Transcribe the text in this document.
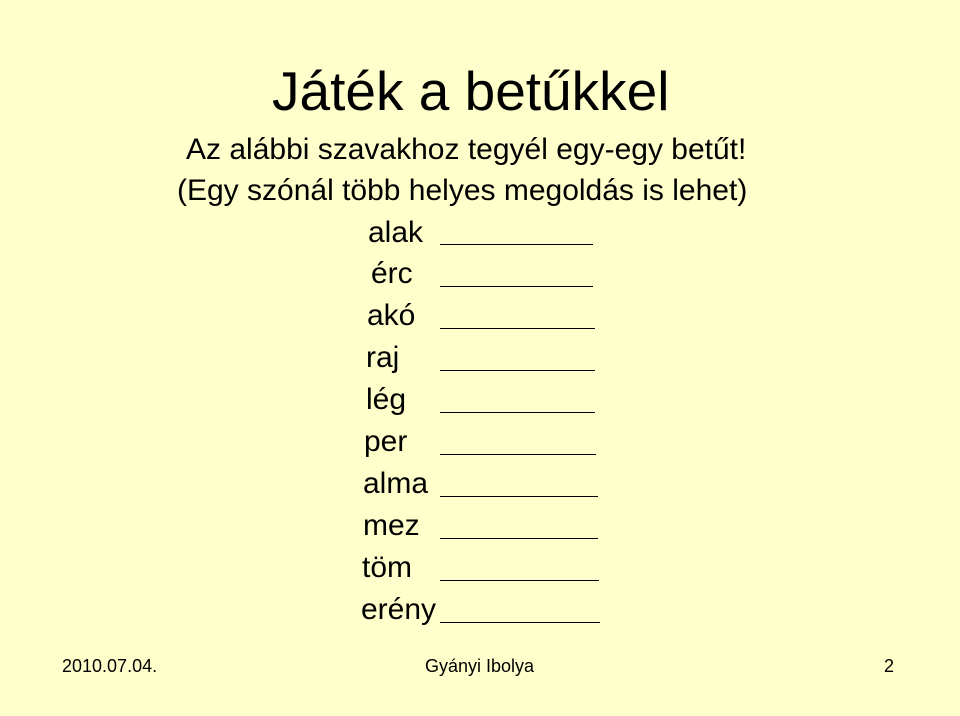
Játék a betűkkel
Az alábbi szavakhoz tegyél egy-egy betűt!
(Egy szónál több helyes megoldás is lehet)
alak
érc
akó
raj
lég
per
alma
mez
töm
erény
2010.07.04.	Gyányi Ibolya	2
